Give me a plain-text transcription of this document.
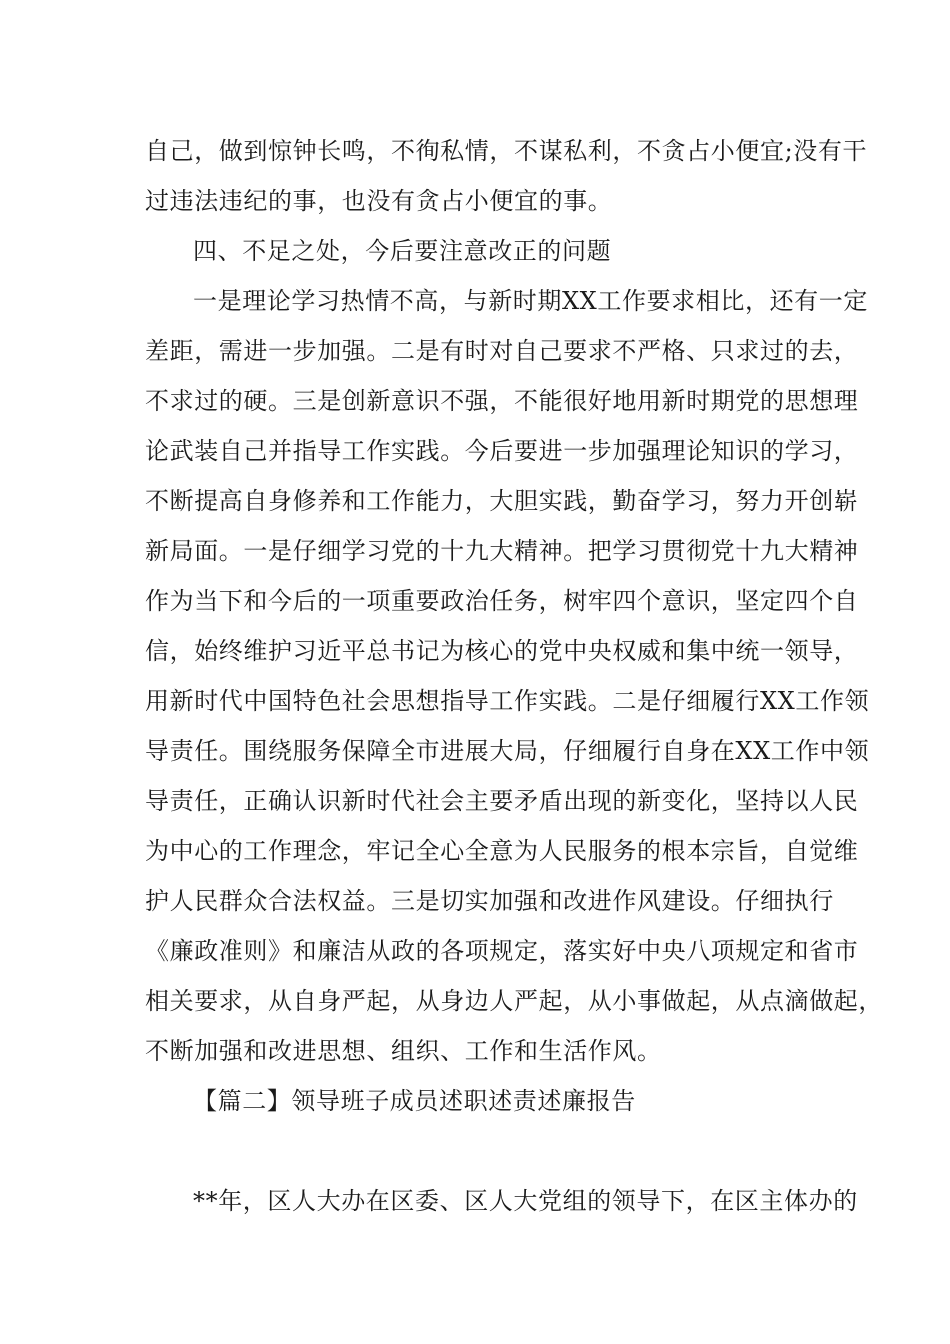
自己，做到惊钟长鸣，不徇私情，不谋私利，不贪占小便宜;没有干
过违法违纪的事，也没有贪占小便宜的事。
四、不足之处，今后要注意改正的问题
一是理论学习热情不高，与新时期XX工作要求相比，还有一定
差距，需进一步加强。二是有时对自己要求不严格、只求过的去，
不求过的硬。三是创新意识不强，不能很好地用新时期党的思想理
论武装自己并指导工作实践。今后要进一步加强理论知识的学习，
不断提高自身修养和工作能力，大胆实践，勤奋学习，努力开创崭
新局面。一是仔细学习党的十九大精神。把学习贯彻党十九大精神
作为当下和今后的一项重要政治任务，树牢四个意识，坚定四个自
信，始终维护习近平总书记为核心的党中央权威和集中统一领导，
用新时代中国特色社会思想指导工作实践。二是仔细履行XX工作领
导责任。围绕服务保障全市进展大局，仔细履行自身在XX工作中领
导责任，正确认识新时代社会主要矛盾出现的新变化，坚持以人民
为中心的工作理念，牢记全心全意为人民服务的根本宗旨，自觉维
护人民群众合法权益。三是切实加强和改进作风建设。仔细执行
《廉政准则》和廉洁从政的各项规定，落实好中央八项规定和省市
相关要求，从自身严起，从身边人严起，从小事做起，从点滴做起，
不断加强和改进思想、组织、工作和生活作风。
【篇二】领导班子成员述职述责述廉报告
**年，区人大办在区委、区人大党组的领导下，在区主体办的
